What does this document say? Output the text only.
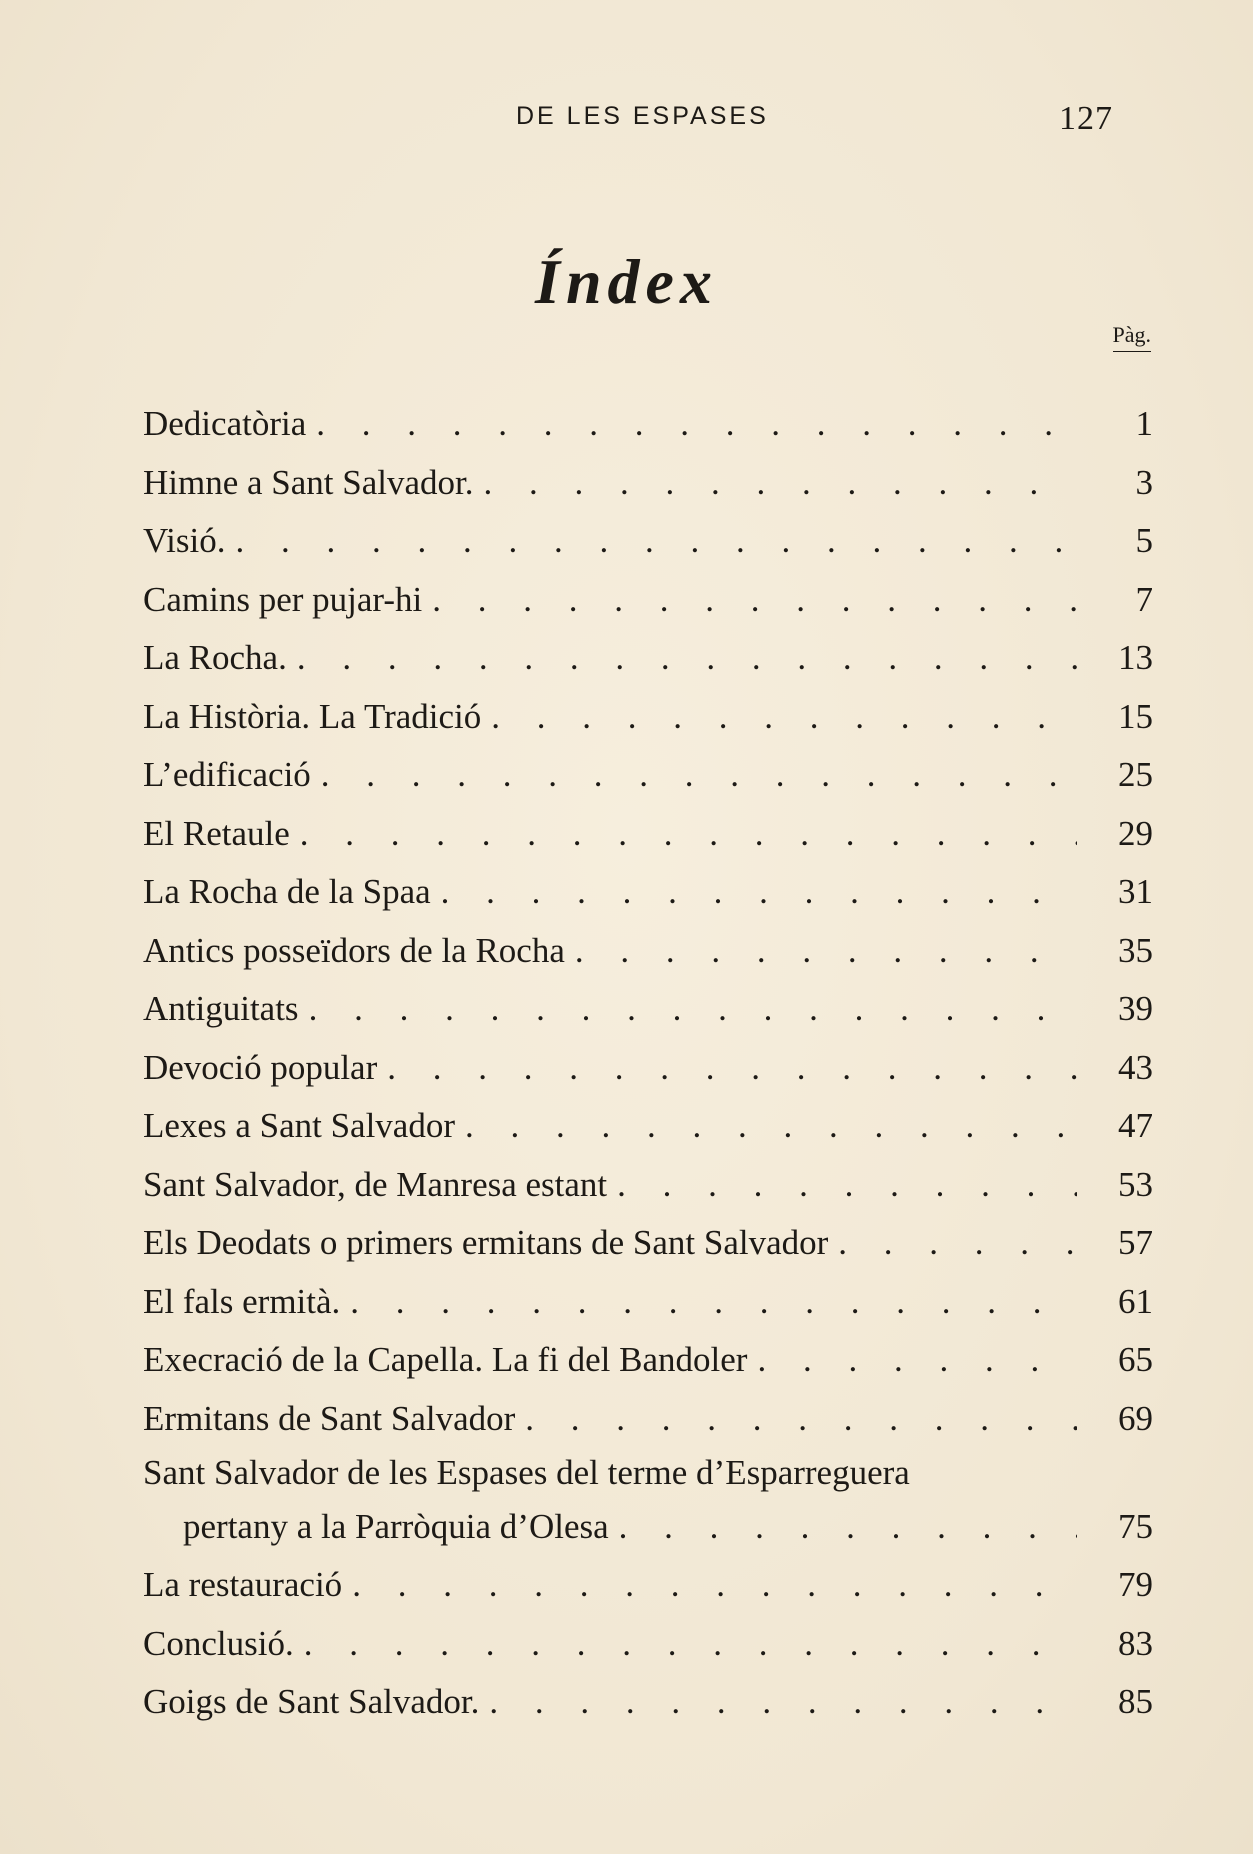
DE LES ESPASES	127
Índex
Pàg.
Dedicatòria . . .	1
Himne a Sant Salvador. . . .	3
Visió. . . .	5
Camins per pujar-hi . . .	7
La Rocha. . . .	13
La Història. La Tradició . . .	15
L’edificació . . .	25
El Retaule . . .	29
La Rocha de la Spaa . . .	31
Antics posseïdors de la Rocha . . .	35
Antiguitats . . .	39
Devoció popular . . .	43
Lexes a Sant Salvador . . .	47
Sant Salvador, de Manresa estant . . .	53
Els Deodats o primers ermitans de Sant Salvador . . .	57
El fals ermità. . . .	61
Execració de la Capella. La fi del Bandoler . . .	65
Ermitans de Sant Salvador . . .	69
Sant Salvador de les Espases del terme d’Esparreguera
pertany a la Parròquia d’Olesa . . .	75
La restauració . . .	79
Conclusió. . . .	83
Goigs de Sant Salvador. . . .	85
